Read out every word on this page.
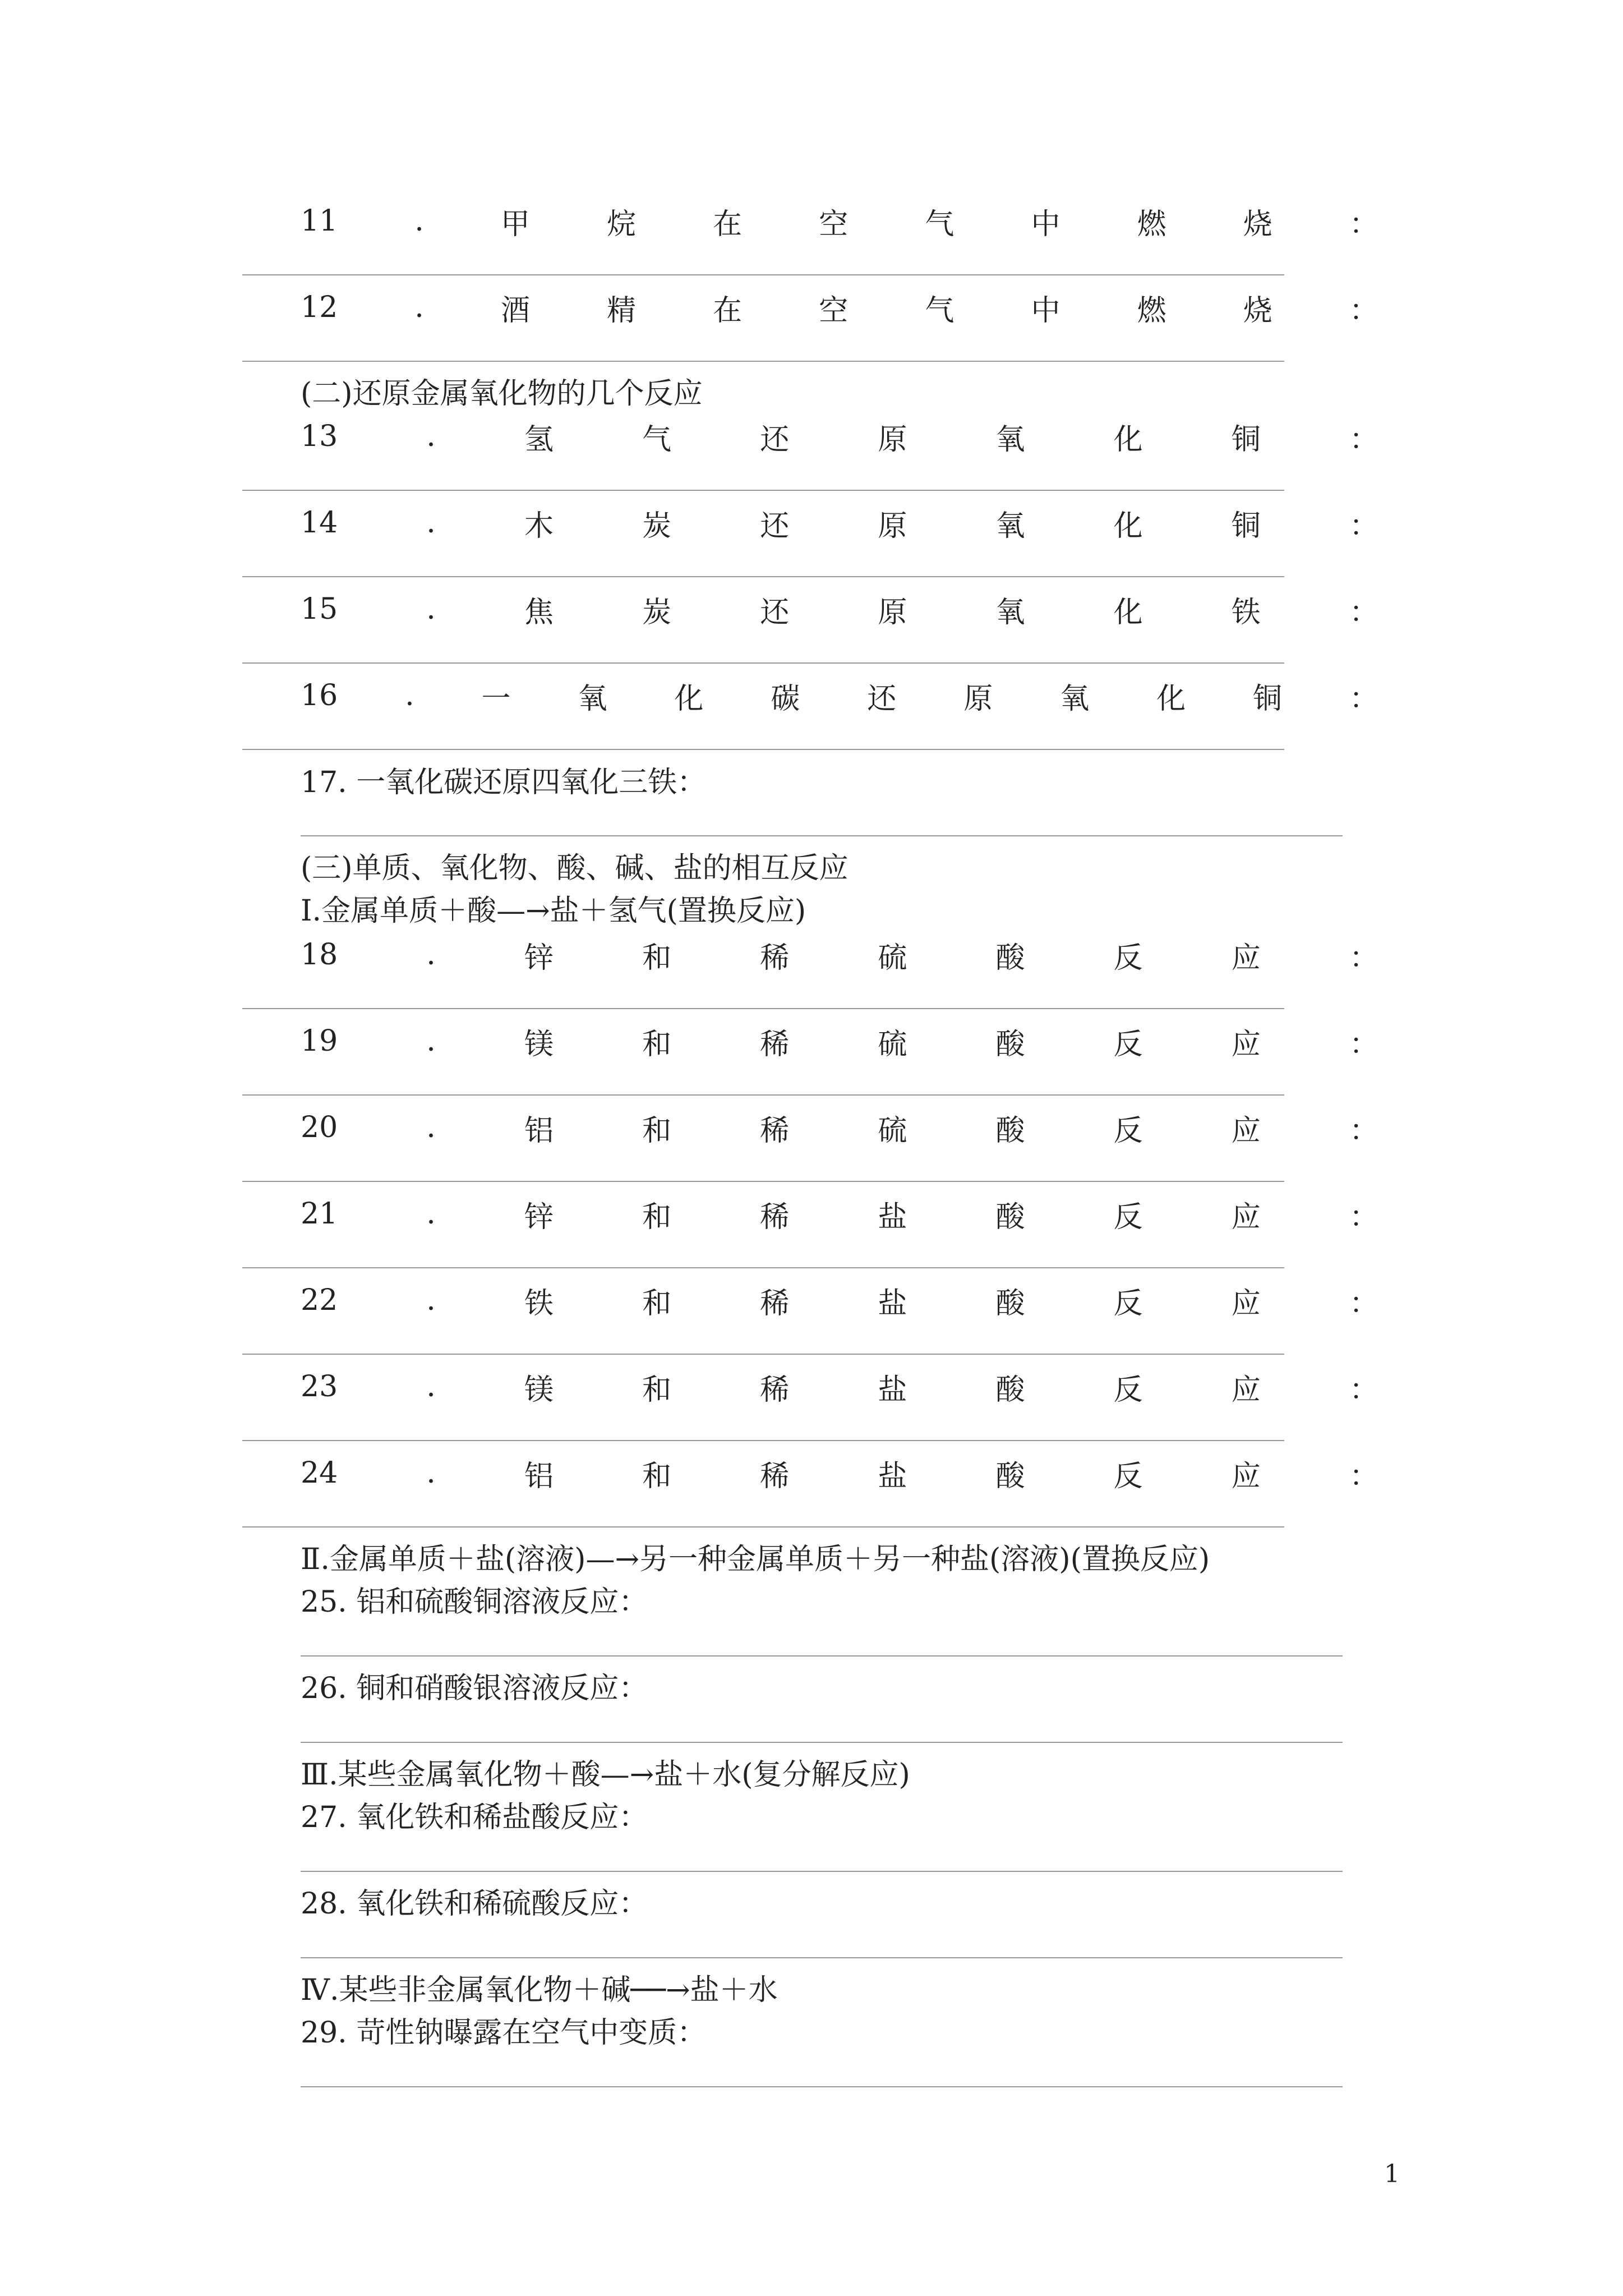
11	.	甲	烷	在	空	气	中	燃	烧	：
12	.	酒	精	在	空	气	中	燃	烧	：
(二)还原金属氧化物的几个反应
13	.	氢	气	还	原	氧	化	铜	：
14	.	木	炭	还	原	氧	化	铜	：
15	.	焦	炭	还	原	氧	化	铁	：
16 . 一 氧 化 碳 还 原 氧 化 铜 ：
17. 一氧化碳还原四氧化三铁：
(三)单质、氧化物、酸、碱、盐的相互反应
Ⅰ.金属单质＋酸—→盐＋氢气(置换反应)
18	.	锌	和	稀	硫	酸	反	应	：
19	.	镁	和	稀	硫	酸	反	应	：
20	.	铝	和	稀	硫	酸	反	应	：
21	.	锌	和	稀	盐	酸	反	应	：
22	.	铁	和	稀	盐	酸	反	应	：
23	.	镁	和	稀	盐	酸	反	应	：
24	.	铝	和	稀	盐	酸	反	应	：
Ⅱ.金属单质＋盐(溶液)—→另一种金属单质＋另一种盐(溶液)(置换反应)
25. 铝和硫酸铜溶液反应：
26. 铜和硝酸银溶液反应：
Ⅲ.某些金属氧化物＋酸—→盐＋水(复分解反应)
27. 氧化铁和稀盐酸反应：
28. 氧化铁和稀硫酸反应：
Ⅳ.某些非金属氧化物＋碱──→盐＋水
29. 苛性钠曝露在空气中变质：
1
